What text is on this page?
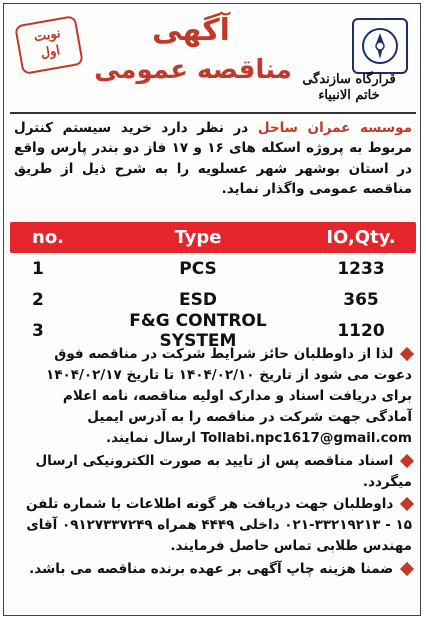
نوبت
اول
آگهی
مناقصه عمومی قرارگاه سازندگی
خاتم الانبیاء
موسسه عمران ساحل در نظر دارد خرید سیستم کنترل مربوط به پروژه اسکله های ۱۶ و ۱۷ فاز دو بندر پارس واقع در استان بوشهر شهر عسلویه را به شرح ذیل از طریق مناقصه عمومی واگذار نماید.
no.	Type	IO,Qty.
1	PCS	1233
2	ESD	365
3	F&G CONTROL SYSTEM	1120

لذا از داوطلبان حائز شرایط شرکت در مناقصه فوق دعوت می شود از تاریخ ۱۴۰۴/۰۲/۱۰ تا تاریخ ۱۴۰۴/۰۲/۱۷ برای دریافت اسناد و مدارک اولیه مناقصه، نامه اعلام آمادگی جهت شرکت در مناقصه را به آدرس ایمیل Tollabi.npc1617@gmail.com ارسال نمایند.

اسناد مناقصه پس از تایید به صورت الکترونیکی ارسال میگردد.

داوطلبان جهت دریافت هر گونه اطلاعات با شماره تلفن ۱۵ - ۳۳۲۱۹۲۱۳-۰۲۱ داخلی ۴۴۴۹ همراه ۰۹۱۲۷۳۳۷۲۴۹ آقای مهندس طلابی تماس حاصل فرمایند.

ضمنا هزینه چاپ آگهی بر عهده برنده مناقصه می باشد.
